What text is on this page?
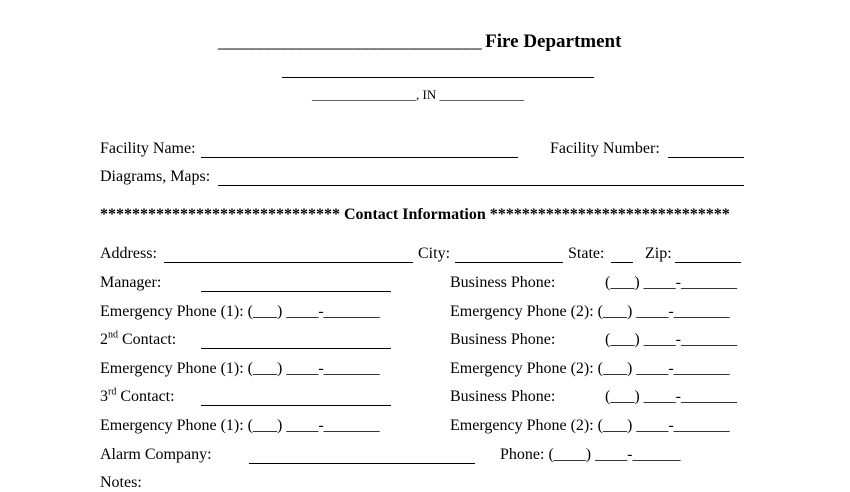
________________________________ Fire Department
________________, IN _____________
Facility Name:	Facility Number:
Diagrams, Maps:
****************************** Contact Information ******************************
Address:	City:	State:	Zip:
Manager:	Business Phone:	(___) ____-_______
Emergency Phone (1): (___) ____-_______	Emergency Phone (2): (___) ____-_______
2nd Contact:	Business Phone:	(___) ____-_______
Emergency Phone (1): (___) ____-_______	Emergency Phone (2): (___) ____-_______
3rd Contact:	Business Phone:	(___) ____-_______
Emergency Phone (1): (___) ____-_______	Emergency Phone (2): (___) ____-_______
Alarm Company:	Phone: (____) ____-______
Notes:
